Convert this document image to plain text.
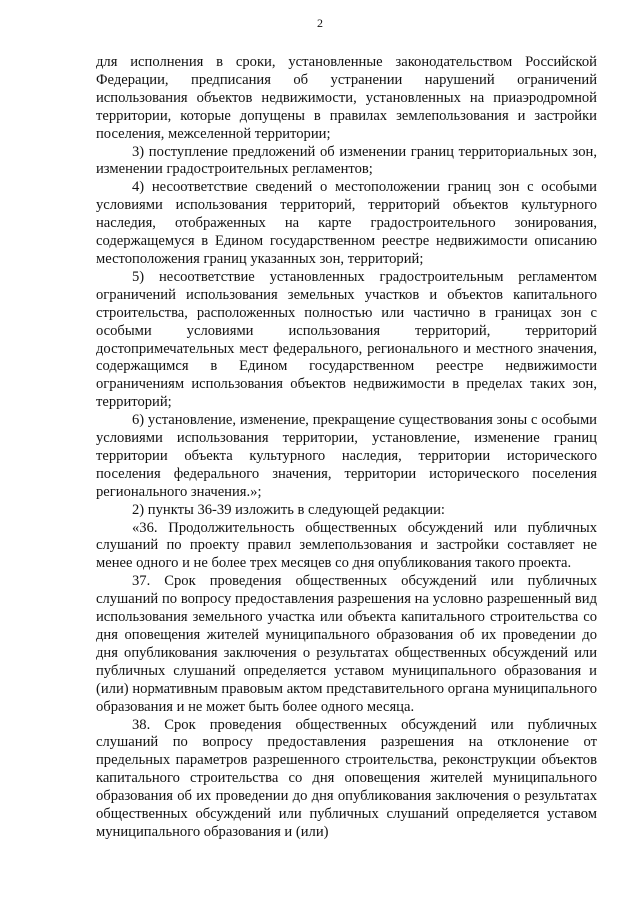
2

для исполнения в сроки, установленные законодательством Российской Федерации, предписания об устранении нарушений ограничений использования объектов недвижимости, установленных на приаэродромной территории, которые допущены в правилах землепользования и застройки поселения, межселенной территории;

3) поступление предложений об изменении границ территориальных зон, изменении градостроительных регламентов;

4) несоответствие сведений о местоположении границ зон с особыми условиями использования территорий, территорий объектов культурного наследия, отображенных на карте градостроительного зонирования, содержащемуся в Едином государственном реестре недвижимости описанию местоположения границ указанных зон, территорий;

5) несоответствие установленных градостроительным регламентом ограничений использования земельных участков и объектов капитального строительства, расположенных полностью или частично в границах зон с особыми условиями использования территорий, территорий достопримечательных мест федерального, регионального и местного значения, содержащимся в Едином государственном реестре недвижимости ограничениям использования объектов недвижимости в пределах таких зон, территорий;

6) установление, изменение, прекращение существования зоны с особыми условиями использования территории, установление, изменение границ территории объекта культурного наследия, территории исторического поселения федерального значения, территории исторического поселения регионального значения.»;

2) пункты 36-39 изложить в следующей редакции:

«36. Продолжительность общественных обсуждений или публичных слушаний по проекту правил землепользования и застройки составляет не менее одного и не более трех месяцев со дня опубликования такого проекта.

37. Срок проведения общественных обсуждений или публичных слушаний по вопросу предоставления разрешения на условно разрешенный вид использования земельного участка или объекта капитального строительства со дня оповещения жителей муниципального образования об их проведении до дня опубликования заключения о результатах общественных обсуждений или публичных слушаний определяется уставом муниципального образования и (или) нормативным правовым актом представительного органа муниципального образования и не может быть более одного месяца.

38. Срок проведения общественных обсуждений или публичных слушаний по вопросу предоставления разрешения на отклонение от предельных параметров разрешенного строительства, реконструкции объектов капитального строительства со дня оповещения жителей муниципального образования об их проведении до дня опубликования заключения о результатах общественных обсуждений или публичных слушаний определяется уставом муниципального образования и (или)
